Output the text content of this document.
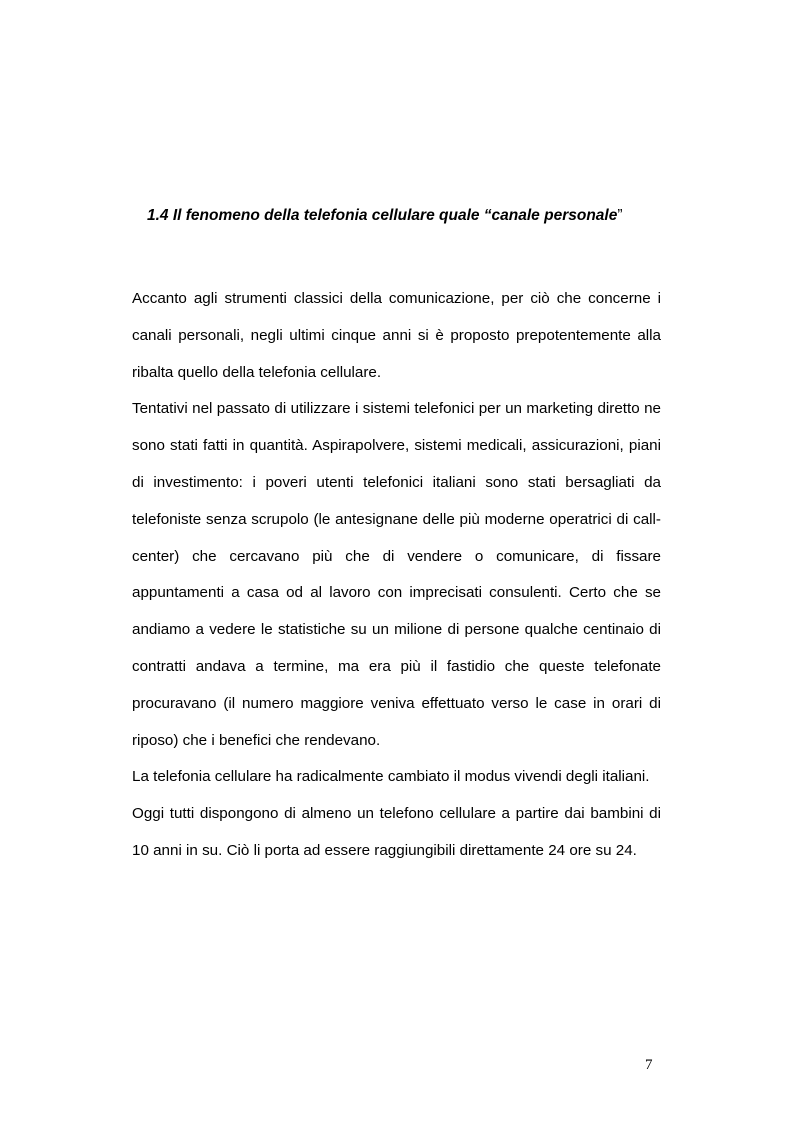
1.4 Il fenomeno della telefonia cellulare quale “canale personale”

Accanto agli strumenti classici della comunicazione, per ciò che concerne i canali personali, negli ultimi cinque anni si è proposto prepotentemente alla ribalta quello della telefonia cellulare.

Tentativi nel passato di utilizzare i sistemi telefonici per un marketing diretto ne sono stati fatti in quantità. Aspirapolvere, sistemi medicali, assicurazioni, piani di investimento: i poveri utenti telefonici italiani sono stati bersagliati da telefoniste senza scrupolo (le antesignane delle più moderne operatrici di call-center) che cercavano più che di vendere o comunicare, di fissare appuntamenti a casa od al lavoro con imprecisati consulenti. Certo che se andiamo a vedere le statistiche su un milione di persone qualche centinaio di contratti andava a termine, ma era più il fastidio che queste telefonate procuravano (il numero maggiore veniva effettuato verso le case in orari di riposo) che i benefici che rendevano.

La telefonia cellulare ha radicalmente cambiato il modus vivendi degli italiani.

Oggi tutti dispongono di almeno un telefono cellulare a partire dai bambini di 10 anni in su. Ciò li porta ad essere raggiungibili direttamente 24 ore su 24.

7
